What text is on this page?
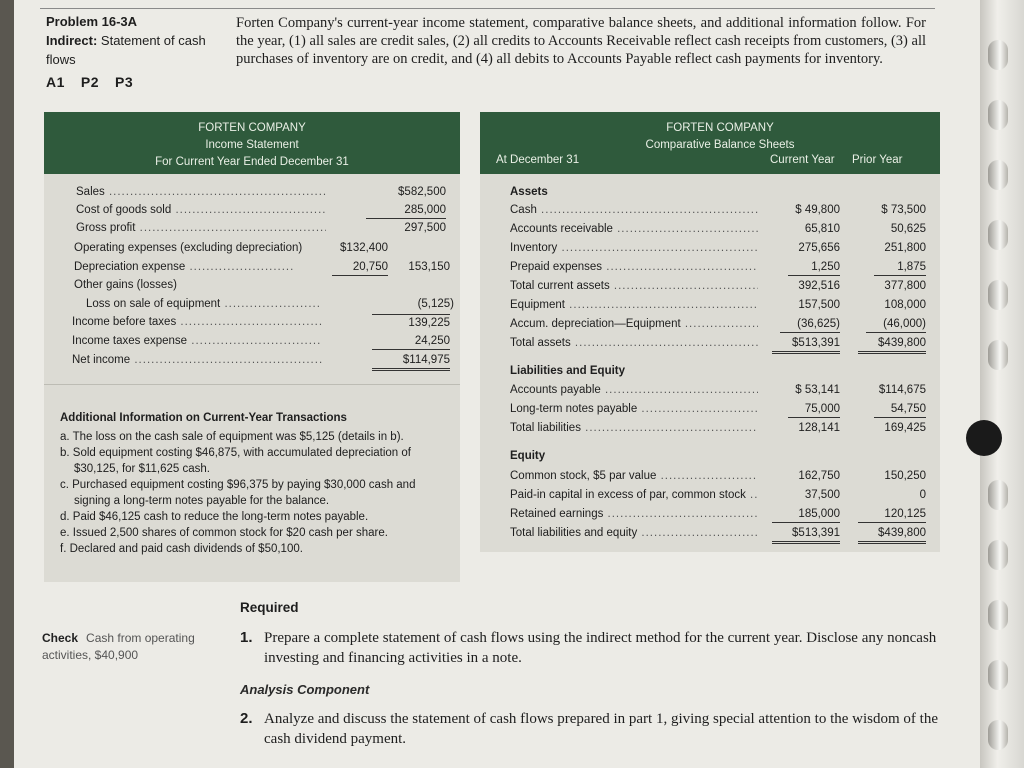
Problem 16-3A
Indirect: Statement of cash flows
A1 P2 P3
Forten Company's current-year income statement, comparative balance sheets, and additional information follow. For the year, (1) all sales are credit sales, (2) all credits to Accounts Receivable reflect cash receipts from customers, (3) all purchases of inventory are on credit, and (4) all debits to Accounts Payable reflect cash payments for inventory.
FORTEN COMPANY
Income Statement
For Current Year Ended December 31
Sales .....	$582,500
Cost of goods sold .....	285,000
Gross profit .....	297,500
Operating expenses (excluding depreciation)	$132,400
Depreciation expense .....	20,750	153,150
Other gains (losses)
Loss on sale of equipment .....	(5,125)
Income before taxes .....	139,225
Income taxes expense .....	24,250
Net income .....	$114,975
Additional Information on Current-Year Transactions
a. The loss on the cash sale of equipment was $5,125 (details in b).
b. Sold equipment costing $46,875, with accumulated depreciation of $30,125, for $11,625 cash.
c. Purchased equipment costing $96,375 by paying $30,000 cash and signing a long-term notes payable for the balance.
d. Paid $46,125 cash to reduce the long-term notes payable.
e. Issued 2,500 shares of common stock for $20 cash per share.
f. Declared and paid cash dividends of $50,100.
FORTEN COMPANY
Comparative Balance Sheets
At December 31	Current Year Prior Year
Assets
Cash .....	$ 49,800	$ 73,500
Accounts receivable .....	65,810	50,625
Inventory .....	275,656	251,800
Prepaid expenses .....	1,250	1,875
Total current assets .....	392,516	377,800
Equipment .....	157,500	108,000
Accum. depreciation—Equipment .....	(36,625)	(46,000)
Total assets .....	$513,391	$439,800
Liabilities and Equity
Accounts payable .....	$ 53,141	$114,675
Long-term notes payable .....	75,000	54,750
Total liabilities .....	128,141	169,425
Equity
Common stock, $5 par value .....	162,750	150,250
Paid-in capital in excess of par, common stock .....	37,500	0
Retained earnings .....	185,000	120,125
Total liabilities and equity .....	$513,391	$439,800
Required
Check Cash from operating activities, $40,900
1. Prepare a complete statement of cash flows using the indirect method for the current year. Disclose any noncash investing and financing activities in a note.
Analysis Component
2. Analyze and discuss the statement of cash flows prepared in part 1, giving special attention to the wisdom of the cash dividend payment.
